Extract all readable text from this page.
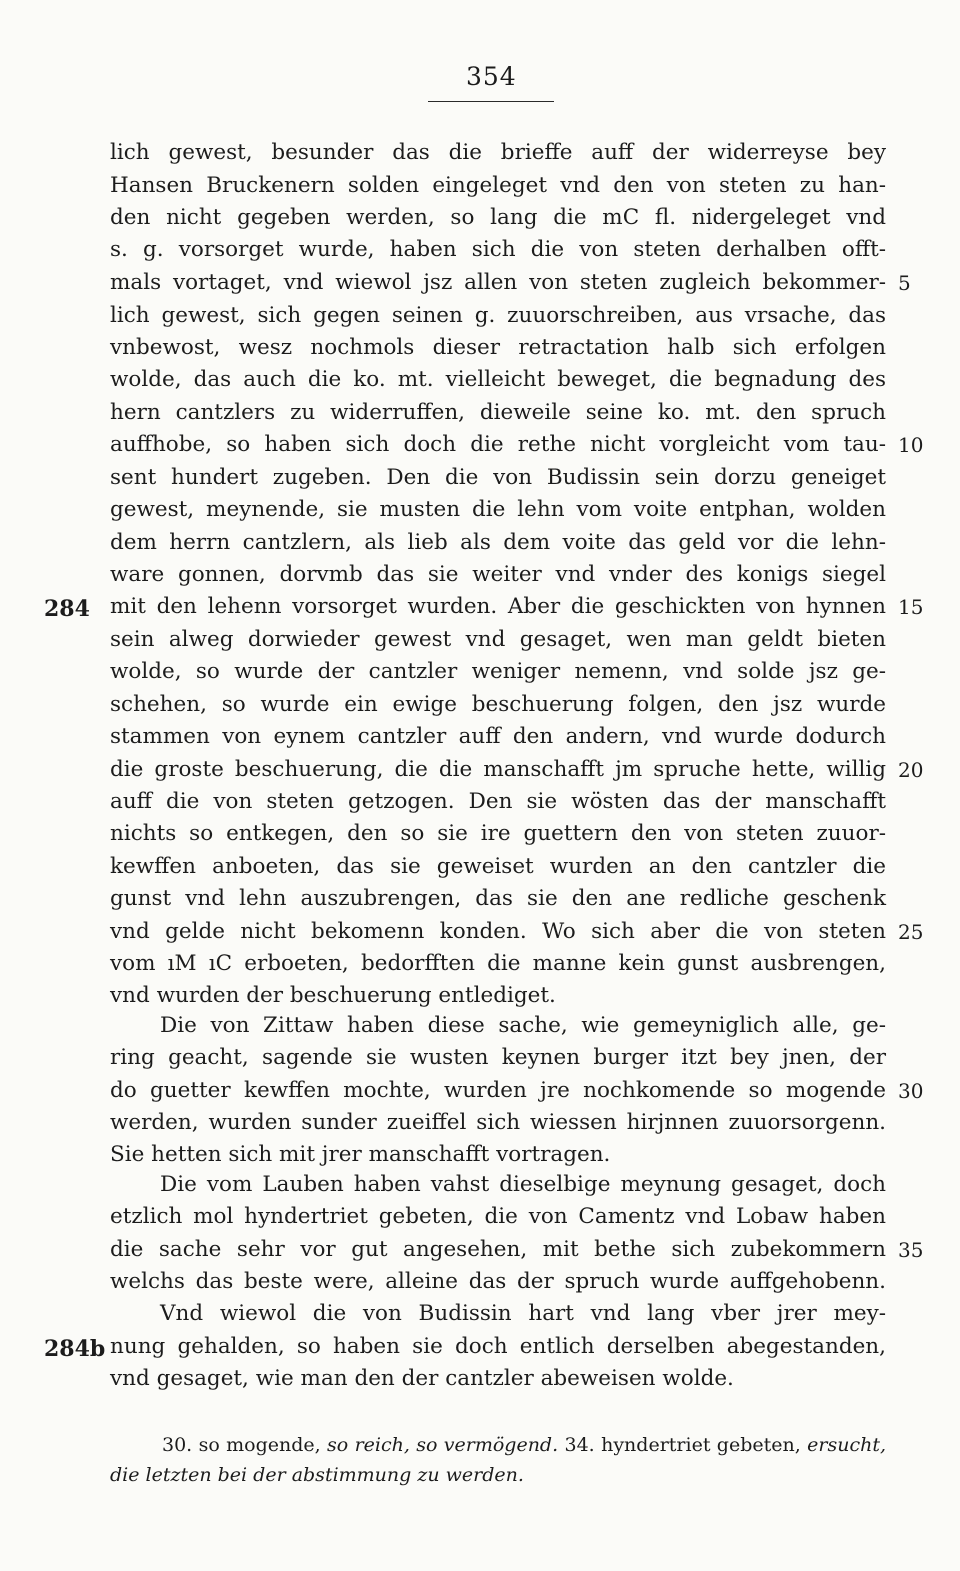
354
lich gewest, besunder das die brieffe auff der widerreyse bey
Hansen Bruckenern solden eingeleget vnd den von steten zu han-
den nicht gegeben werden, so lang die mC fl. nidergeleget vnd
s. g. vorsorget wurde, haben sich die von steten derhalben offt-
mals vortaget, vnd wiewol jsz allen von steten zugleich bekommer-
lich gewest, sich gegen seinen g. zuuorschreiben, aus vrsache, das
vnbewost, wesz nochmols dieser retractation halb sich erfolgen
wolde, das auch die ko. mt. vielleicht beweget, die begnadung des
hern cantzlers zu widerruffen, dieweile seine ko. mt. den spruch
auffhobe, so haben sich doch die rethe nicht vorgleicht vom tau-
sent hundert zugeben. Den die von Budissin sein dorzu geneiget
gewest, meynende, sie musten die lehn vom voite entphan, wolden
dem herrn cantzlern, als lieb als dem voite das geld vor die lehn-
ware gonnen, dorvmb das sie weiter vnd vnder des konigs siegel
mit den lehenn vorsorget wurden. Aber die geschickten von hynnen
sein alweg dorwieder gewest vnd gesaget, wen man geldt bieten
wolde, so wurde der cantzler weniger nemenn, vnd solde jsz ge-
schehen, so wurde ein ewige beschuerung folgen, den jsz wurde
stammen von eynem cantzler auff den andern, vnd wurde dodurch
die groste beschuerung, die die manschafft jm spruche hette, willig
auff die von steten getzogen. Den sie wösten das der manschafft
nichts so entkegen, den so sie ire guettern den von steten zuuor-
kewffen anboeten, das sie geweiset wurden an den cantzler die
gunst vnd lehn auszubrengen, das sie den ane redliche geschenk
vnd gelde nicht bekomenn konden. Wo sich aber die von steten
vom ıM ıC erboeten, bedorfften die manne kein gunst ausbrengen,
vnd wurden der beschuerung entlediget.
Die von Zittaw haben diese sache, wie gemeyniglich alle, ge-
ring geacht, sagende sie wusten keynen burger itzt bey jnen, der
do guetter kewffen mochte, wurden jre nochkomende so mogende
werden, wurden sunder zueiffel sich wiessen hirjnnen zuuorsorgenn.
Sie hetten sich mit jrer manschafft vortragen.
Die vom Lauben haben vahst dieselbige meynung gesaget, doch
etzlich mol hyndertriet gebeten, die von Camentz vnd Lobaw haben
die sache sehr vor gut angesehen, mit bethe sich zubekommern
welchs das beste were, alleine das der spruch wurde auffgehobenn.
Vnd wiewol die von Budissin hart vnd lang vber jrer mey-
nung gehalden, so haben sie doch entlich derselben abegestanden,
vnd gesaget, wie man den der cantzler abeweisen wolde.
284
284b
5
10
15
20
25
30
35
30. so mogende, so reich, so vermögend. 34. hyndertriet gebeten, ersucht,
die letzten bei der abstimmung zu werden.
